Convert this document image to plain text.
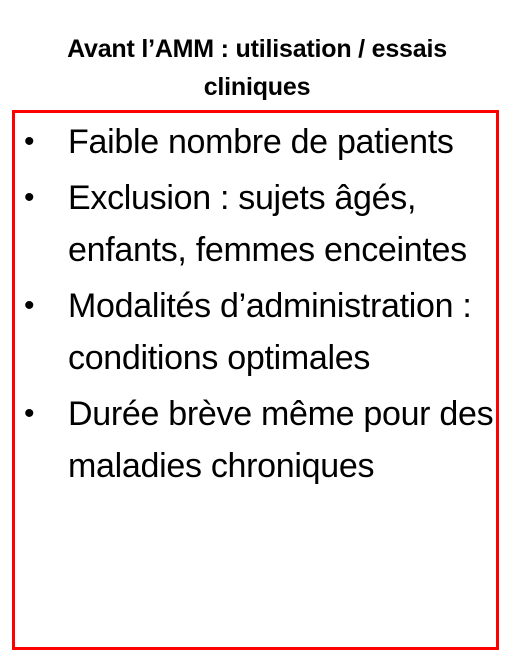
Avant l’AMM : utilisation / essais cliniques
• Faible nombre de patients
• Exclusion : sujets âgés, enfants, femmes enceintes
• Modalités d’administration : conditions optimales
• Durée brève même pour des maladies chroniques
